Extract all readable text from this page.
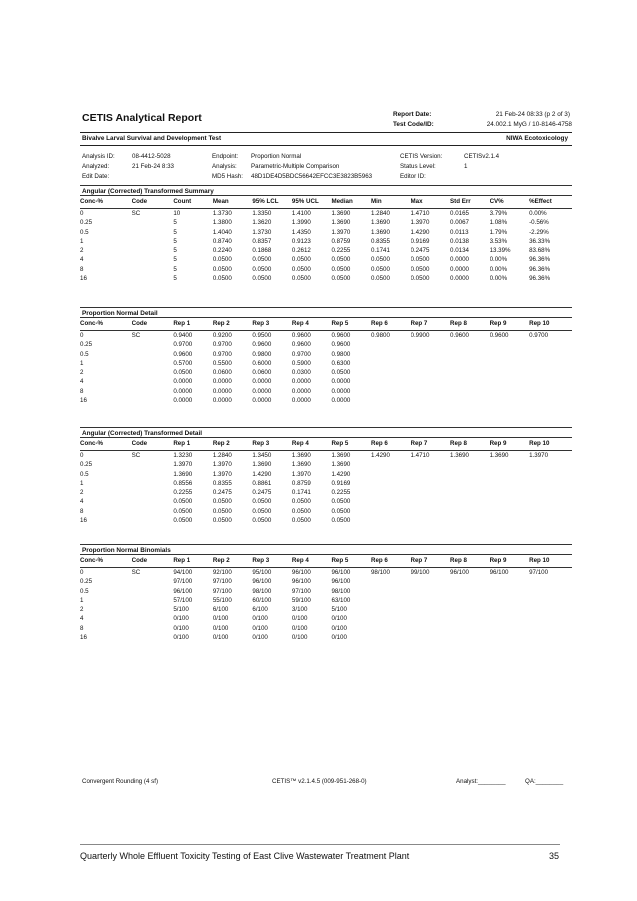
CETIS Analytical Report	Report Date:	21 Feb-24 08:33 (p 2 of 3)
Test Code/ID:	24.002.1 MyG / 10-8146-4758
Bivalve Larval Survival and Development Test	NIWA Ecotoxicology
Analysis ID:	08-4412-5028
Analyzed:	21 Feb-24 8:33
Edit Date:
Endpoint: Proportion Normal
Analysis: Parametric-Multiple Comparison
MD5 Hash: 48D1DE4D5BDC56642EFCC3E3823B5963
CETIS Version:	CETISv2.1.4
Status Level:	1
Editor ID:
Angular (Corrected) Transformed Summary
Conc-%	Code	Count	Mean	95% LCL	95% UCL	Median	Min	Max	Std Err	CV%	%Effect
0	SC	10	1.3730	1.3350	1.4100	1.3690	1.2840	1.4710	0.0165	3.79%	0.00%
0.25		5	1.3800	1.3620	1.3990	1.3690	1.3690	1.3970	0.0067	1.08%	-0.56%
0.5		5	1.4040	1.3730	1.4350	1.3970	1.3690	1.4290	0.0113	1.79%	-2.29%
1		5	0.8740	0.8357	0.9123	0.8759	0.8355	0.9169	0.0138	3.53%	36.33%
2		5	0.2240	0.1868	0.2612	0.2255	0.1741	0.2475	0.0134	13.39%	83.68%
4		5	0.0500	0.0500	0.0500	0.0500	0.0500	0.0500	0.0000	0.00%	96.36%
8		5	0.0500	0.0500	0.0500	0.0500	0.0500	0.0500	0.0000	0.00%	96.36%
16		5	0.0500	0.0500	0.0500	0.0500	0.0500	0.0500	0.0000	0.00%	96.36%
Proportion Normal Detail
Conc-%	Code	Rep 1	Rep 2	Rep 3	Rep 4	Rep 5	Rep 6	Rep 7	Rep 8	Rep 9	Rep 10
0	SC	0.9400	0.9200	0.9500	0.9600	0.9600	0.9800	0.9900	0.9600	0.9600	0.9700
0.25		0.9700	0.9700	0.9600	0.9600	0.9600					
0.5		0.9600	0.9700	0.9800	0.9700	0.9800					
1		0.5700	0.5500	0.6000	0.5900	0.6300					
2		0.0500	0.0600	0.0600	0.0300	0.0500					
4		0.0000	0.0000	0.0000	0.0000	0.0000					
8		0.0000	0.0000	0.0000	0.0000	0.0000					
16		0.0000	0.0000	0.0000	0.0000	0.0000					
Angular (Corrected) Transformed Detail
Conc-%	Code	Rep 1	Rep 2	Rep 3	Rep 4	Rep 5	Rep 6	Rep 7	Rep 8	Rep 9	Rep 10
0	SC	1.3230	1.2840	1.3450	1.3690	1.3690	1.4290	1.4710	1.3690	1.3690	1.3970
0.25		1.3970	1.3970	1.3690	1.3690	1.3690					
0.5		1.3690	1.3970	1.4290	1.3970	1.4290					
1		0.8556	0.8355	0.8861	0.8759	0.9169					
2		0.2255	0.2475	0.2475	0.1741	0.2255					
4		0.0500	0.0500	0.0500	0.0500	0.0500					
8		0.0500	0.0500	0.0500	0.0500	0.0500					
16		0.0500	0.0500	0.0500	0.0500	0.0500					
Proportion Normal Binomials
Conc-%	Code	Rep 1	Rep 2	Rep 3	Rep 4	Rep 5	Rep 6	Rep 7	Rep 8	Rep 9	Rep 10
0	SC	94/100	92/100	95/100	96/100	96/100	98/100	99/100	96/100	96/100	97/100
0.25		97/100	97/100	96/100	96/100	96/100					
0.5		96/100	97/100	98/100	97/100	98/100					
1		57/100	55/100	60/100	59/100	63/100					
2		5/100	6/100	6/100	3/100	5/100					
4		0/100	0/100	0/100	0/100	0/100					
8		0/100	0/100	0/100	0/100	0/100					
16		0/100	0/100	0/100	0/100	0/100					
Convergent Rounding (4 sf)	CETIS™ v2.1.4.5 (009-951-268-0)	Analyst:________	QA:________
Quarterly Whole Effluent Toxicity Testing of East Clive Wastewater Treatment Plant	35
